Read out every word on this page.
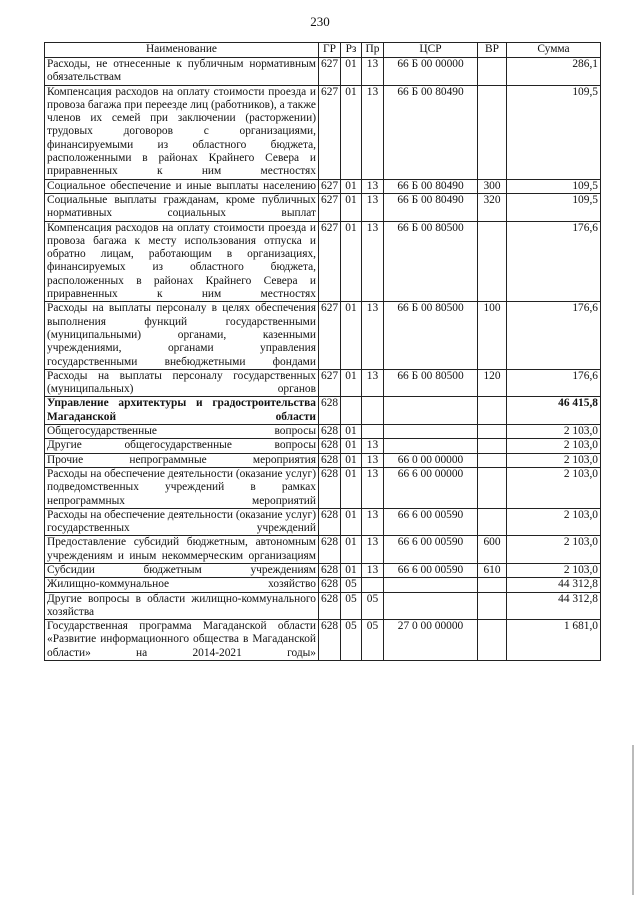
230
Наименование	ГР	Рз	Пр	ЦСР	ВР	Сумма
Расходы, не отнесенные к публичным нормативным обязательствам	627	01	13	66 Б 00 00000		286,1
Компенсация расходов на оплату стоимости проезда и провоза багажа при переезде лиц (работников), а также членов их семей при заключении (расторжении) трудовых договоров с организациями, финансируемыми из областного бюджета, расположенными в районах Крайнего Севера и приравненных к ним местностях	627	01	13	66 Б 00 80490		109,5
Социальное обеспечение и иные выплаты населению	627	01	13	66 Б 00 80490	300	109,5
Социальные выплаты гражданам, кроме публичных нормативных социальных выплат	627	01	13	66 Б 00 80490	320	109,5
Компенсация расходов на оплату стоимости проезда и провоза багажа к месту использования отпуска и обратно лицам, работающим в организациях, финансируемых из областного бюджета, расположенных в районах Крайнего Севера и приравненных к ним местностях	627	01	13	66 Б 00 80500		176,6
Расходы на выплаты персоналу в целях обеспечения выполнения функций государственными (муниципальными) органами, казенными учреждениями, органами управления государственными внебюджетными фондами	627	01	13	66 Б 00 80500	100	176,6
Расходы на выплаты персоналу государственных (муниципальных) органов	627	01	13	66 Б 00 80500	120	176,6
Управление архитектуры и градостроительства Магаданской области	628					46 415,8
Общегосударственные вопросы	628	01				2 103,0
Другие общегосударственные вопросы	628	01	13			2 103,0
Прочие непрограммные мероприятия	628	01	13	66 0 00 00000		2 103,0
Расходы на обеспечение деятельности (оказание услуг) подведомственных учреждений в рамках непрограммных мероприятий	628	01	13	66 6 00 00000		2 103,0
Расходы на обеспечение деятельности (оказание услуг) государственных учреждений	628	01	13	66 6 00 00590		2 103,0
Предоставление субсидий бюджетным, автономным учреждениям и иным некоммерческим организациям	628	01	13	66 6 00 00590	600	2 103,0
Субсидии бюджетным учреждениям	628	01	13	66 6 00 00590	610	2 103,0
Жилищно-коммунальное хозяйство	628	05				44 312,8
Другие вопросы в области жилищно-коммунального хозяйства	628	05	05			44 312,8
Государственная программа Магаданской области «Развитие информационного общества в Магаданской области» на 2014-2021 годы»	628	05	05	27 0 00 00000		1 681,0
